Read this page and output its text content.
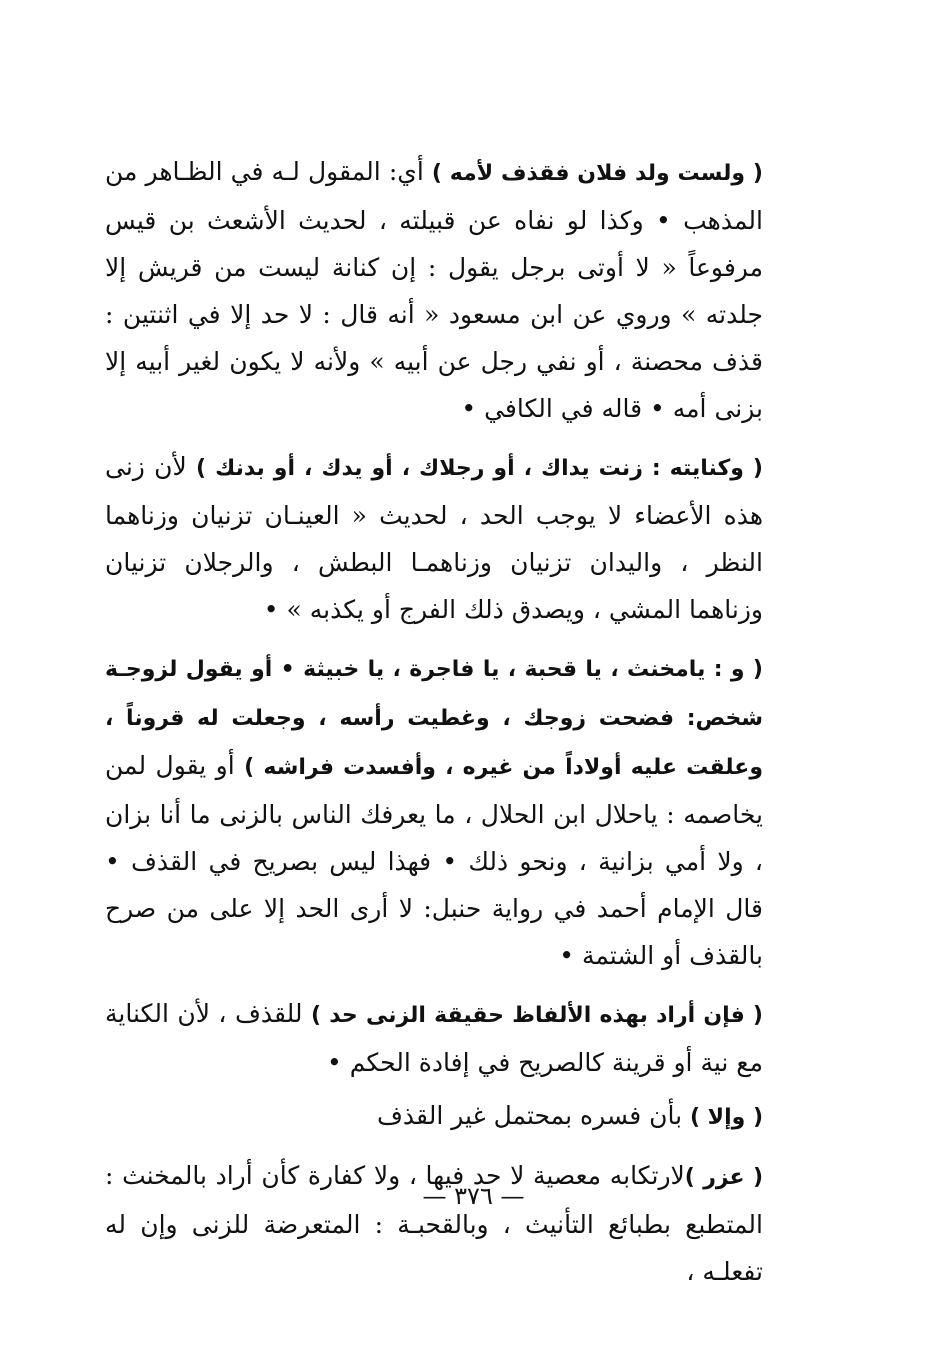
( ولست ولد فلان فقذف لأمه ) أي: المقول لـه في الظـاهر من المذهب • وكذا لو نفاه عن قبيلته ، لحديث الأشعث بن قيس مرفوعاً « لا أوتى برجل يقول : إن كنانة ليست من قريش إلا جلدته » وروي عن ابن مسعود « أنه قال : لا حد إلا في اثنتين : قذف محصنة ، أو نفي رجل عن أبيه » ولأنه لا يكون لغير أبيه إلا بزنى أمه • قاله في الكافي •

( وكنايته : زنت يداك ، أو رجلاك ، أو يدك ، أو بدنك ) لأن زنى هذه الأعضاء لا يوجب الحد ، لحديث « العينـان تزنيان وزناهما النظر ، واليدان تزنيان وزناهمـا البطش ، والرجلان تزنيان وزناهما المشي ، ويصدق ذلك الفرج أو يكذبه » •

( و : يامخنث ، يا قحبة ، يا فاجرة ، يا خبيثة • أو يقول لزوجـة شخص: فضحت زوجك ، وغطيت رأسه ، وجعلت له قروناً ، وعلقت عليه أولاداً من غيره ، وأفسدت فراشه ) أو يقول لمن يخاصمه : ياحلال ابن الحلال ، ما يعرفك الناس بالزنى ما أنا بزان ، ولا أمي بزانية ، ونحو ذلك • فهذا ليس بصريح في القذف • قال الإمام أحمد في رواية حنبل: لا أرى الحد إلا على من صرح بالقذف أو الشتمة •

( فإن أراد بهذه الألفاظ حقيقة الزنى حد ) للقذف ، لأن الكناية مع نية أو قرينة كالصريح في إفادة الحكم •

( وإلا ) بأن فسره بمحتمل غير القذف

( عزر )لارتكابه معصية لا حد فيها ، ولا كفارة كأن أراد بالمخنث : المتطبع بطبائع التأنيث ، وبالقحبـة : المتعرضة للزنى وإن له تفعلـه ،

— ٣٧٦ —
